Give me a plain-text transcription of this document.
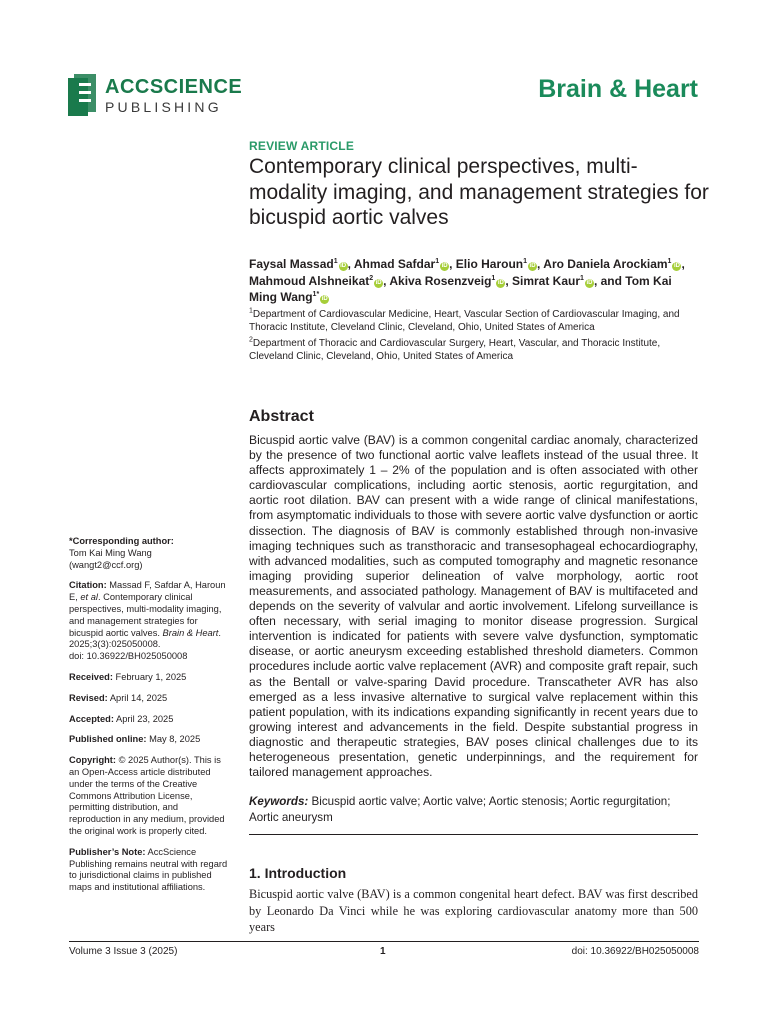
ACCSCIENCE
PUBLISHING
Brain & Heart
REVIEW ARTICLE
Contemporary clinical perspectives, multi-modality imaging, and management strategies for bicuspid aortic valves
Faysal Massad$^1$iD , Ahmad Safdar$^1$iD , Elio Haroun$^1$iD , Aro Daniela Arockiam$^1$iD , Mahmoud Alshneikat$^2$iD , Akiva Rosenzveig$^1$iD , Simrat Kaur$^1$iD , and Tom Kai Ming Wang$^{1*}$iD
$^1$Department of Cardiovascular Medicine, Heart, Vascular Section of Cardiovascular Imaging, and Thoracic Institute, Cleveland Clinic, Cleveland, Ohio, United States of America
$^2$Department of Thoracic and Cardiovascular Surgery, Heart, Vascular, and Thoracic Institute, Cleveland Clinic, Cleveland, Ohio, United States of America
Abstract
Bicuspid aortic valve (BAV) is a common congenital cardiac anomaly, characterized by the presence of two functional aortic valve leaflets instead of the usual three. It affects approximately 1 – 2% of the population and is often associated with other cardiovascular complications, including aortic stenosis, aortic regurgitation, and aortic root dilation. BAV can present with a wide range of clinical manifestations, from asymptomatic individuals to those with severe aortic valve dysfunction or aortic dissection. The diagnosis of BAV is commonly established through non-invasive imaging techniques such as transthoracic and transesophageal echocardiography, with advanced modalities, such as computed tomography and magnetic resonance imaging providing superior delineation of valve morphology, aortic root measurements, and associated pathology. Management of BAV is multifaceted and depends on the severity of valvular and aortic involvement. Lifelong surveillance is often necessary, with serial imaging to monitor disease progression. Surgical intervention is indicated for patients with severe valve dysfunction, symptomatic disease, or aortic aneurysm exceeding established threshold diameters. Common procedures include aortic valve replacement (AVR) and composite graft repair, such as the Bentall or valve-sparing David procedure. Transcatheter AVR has also emerged as a less invasive alternative to surgical valve replacement within this patient population, with its indications expanding significantly in recent years due to growing interest and advancements in the field. Despite substantial progress in diagnostic and therapeutic strategies, BAV poses clinical challenges due to its heterogeneous presentation, genetic underpinnings, and the requirement for tailored management approaches.
Keywords: Bicuspid aortic valve; Aortic valve; Aortic stenosis; Aortic regurgitation; Aortic aneurysm
1. Introduction
Bicuspid aortic valve (BAV) is a common congenital heart defect. BAV was first described by Leonardo Da Vinci while he was exploring cardiovascular anatomy more than 500 years
*Corresponding author:
Tom Kai Ming Wang
(wangt2@ccf.org)
Citation: Massad F, Safdar A, Haroun E, et al. Contemporary clinical perspectives, multi-modality imaging, and management strategies for bicuspid aortic valves. Brain & Heart. 2025;3(3):025050008.
doi: 10.36922/BH025050008
Received: February 1, 2025
Revised: April 14, 2025
Accepted: April 23, 2025
Published online: May 8, 2025
Copyright: © 2025 Author(s). This is an Open-Access article distributed under the terms of the Creative Commons Attribution License, permitting distribution, and reproduction in any medium, provided the original work is properly cited.
Publisher’s Note: AccScience Publishing remains neutral with regard to jurisdictional claims in published maps and institutional affiliations.
Volume 3 Issue 3 (2025)	1	doi: 10.36922/BH025050008
